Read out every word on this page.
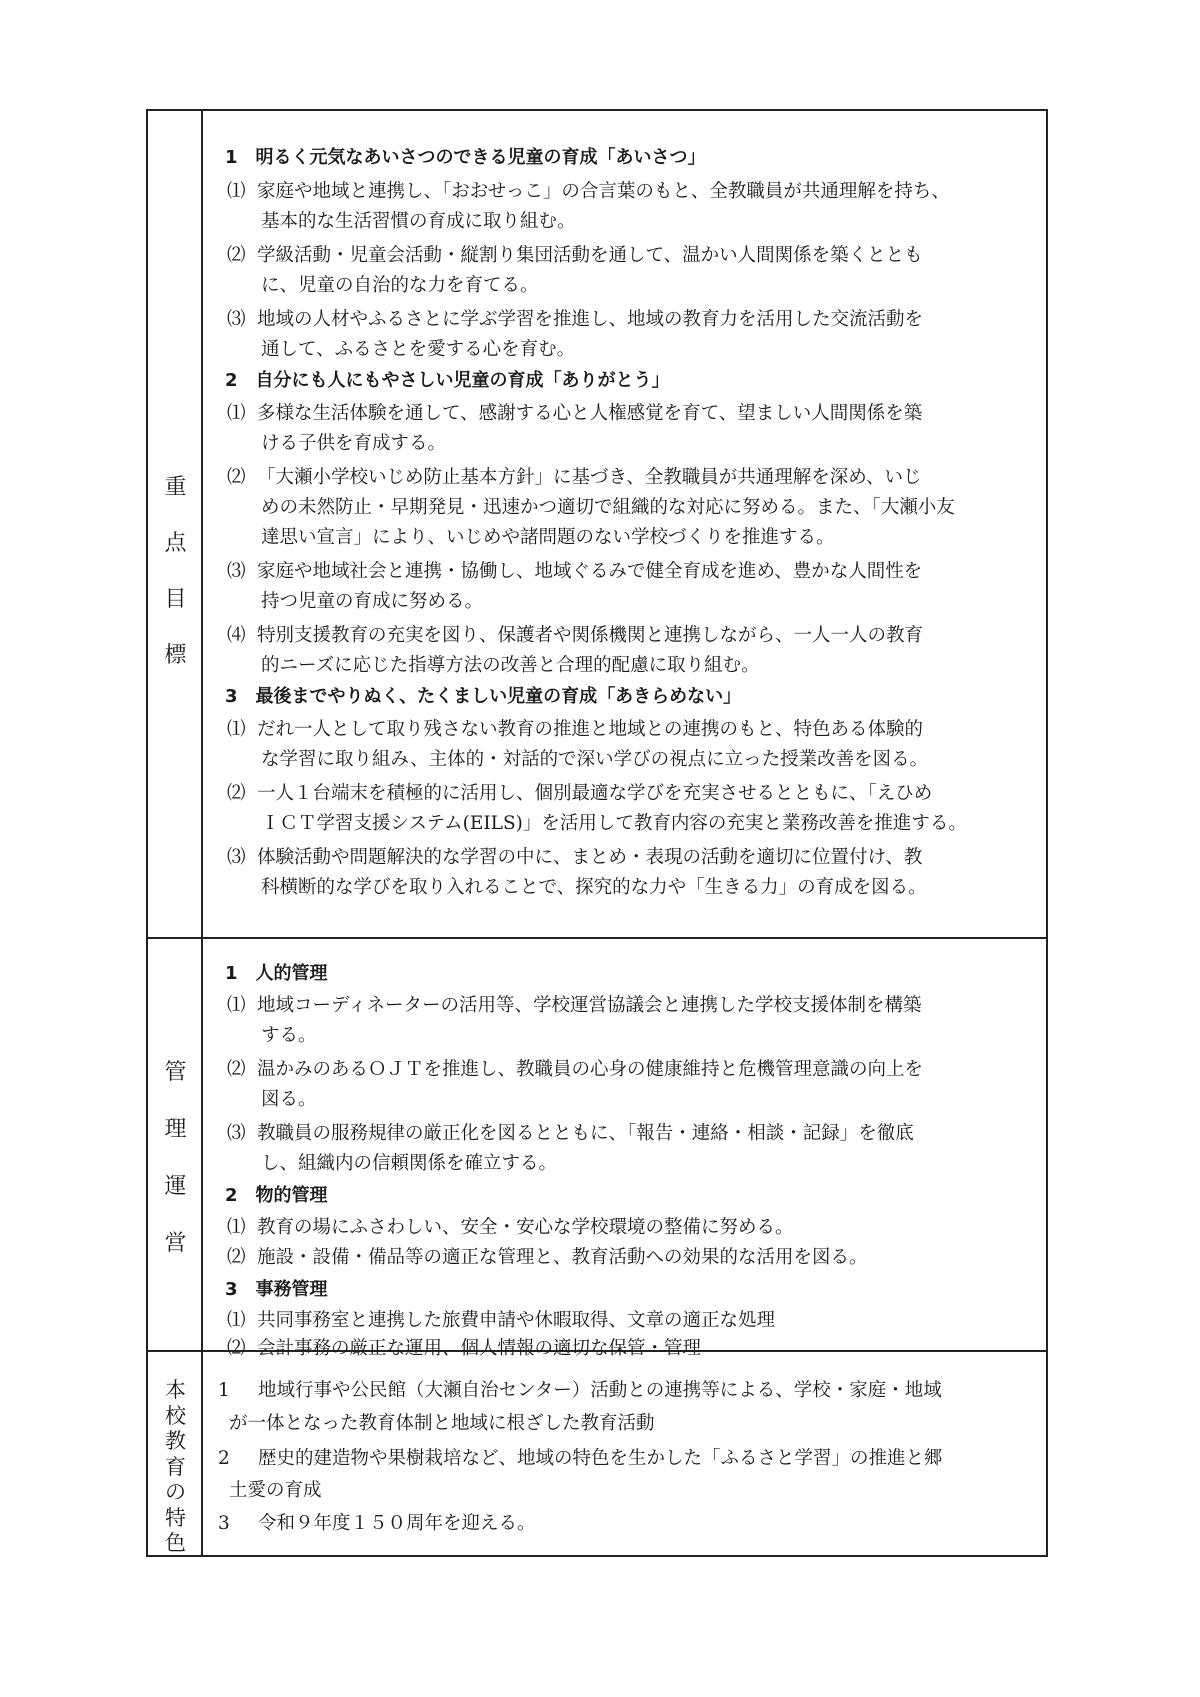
重
点
目
標
1　明るく元気なあいさつのできる児童の育成「あいさつ」
⑴ 家庭や地域と連携し、「おおせっこ」の合言葉のもと、全教職員が共通理解を持ち、
基本的な生活習慣の育成に取り組む。
⑵ 学級活動・児童会活動・縦割り集団活動を通して、温かい人間関係を築くととも
に、児童の自治的な力を育てる。
⑶ 地域の人材やふるさとに学ぶ学習を推進し、地域の教育力を活用した交流活動を
通して、ふるさとを愛する心を育む。
2　自分にも人にもやさしい児童の育成「ありがとう」
⑴ 多様な生活体験を通して、感謝する心と人権感覚を育て、望ましい人間関係を築
ける子供を育成する。
⑵ 「大瀬小学校いじめ防止基本方針」に基づき、全教職員が共通理解を深め、いじ
めの未然防止・早期発見・迅速かつ適切で組織的な対応に努める。また、「大瀬小友
達思い宣言」により、いじめや諸問題のない学校づくりを推進する。
⑶ 家庭や地域社会と連携・協働し、地域ぐるみで健全育成を進め、豊かな人間性を
持つ児童の育成に努める。
⑷ 特別支援教育の充実を図り、保護者や関係機関と連携しながら、一人一人の教育
的ニーズに応じた指導方法の改善と合理的配慮に取り組む。
3　最後までやりぬく、たくましい児童の育成「あきらめない」
⑴ だれ一人として取り残さない教育の推進と地域との連携のもと、特色ある体験的
な学習に取り組み、主体的・対話的で深い学びの視点に立った授業改善を図る。
⑵ 一人１台端末を積極的に活用し、個別最適な学びを充実させるとともに、「えひめ
ＩＣＴ学習支援システム(EILS)」を活用して教育内容の充実と業務改善を推進する。
⑶ 体験活動や問題解決的な学習の中に、まとめ・表現の活動を適切に位置付け、教
科横断的な学びを取り入れることで、探究的な力や「生きる力」の育成を図る。
管
理
運
営
1　人的管理
⑴ 地域コーディネーターの活用等、学校運営協議会と連携した学校支援体制を構築
する。
⑵ 温かみのあるＯＪＴを推進し、教職員の心身の健康維持と危機管理意識の向上を
図る。
⑶ 教職員の服務規律の厳正化を図るとともに、「報告・連絡・相談・記録」を徹底
し、組織内の信頼関係を確立する。
2　物的管理
⑴ 教育の場にふさわしい、安全・安心な学校環境の整備に努める。
⑵ 施設・設備・備品等の適正な管理と、教育活動への効果的な活用を図る。
3　事務管理
⑴ 共同事務室と連携した旅費申請や休暇取得、文章の適正な処理
⑵ 会計事務の厳正な運用、個人情報の適切な保管・管理
本
校
教
育
の
特
色
1 地域行事や公民館（大瀬自治センター）活動との連携等による、学校・家庭・地域
が一体となった教育体制と地域に根ざした教育活動
2 歴史的建造物や果樹栽培など、地域の特色を生かした「ふるさと学習」の推進と郷
土愛の育成
3 令和９年度１５０周年を迎える。
